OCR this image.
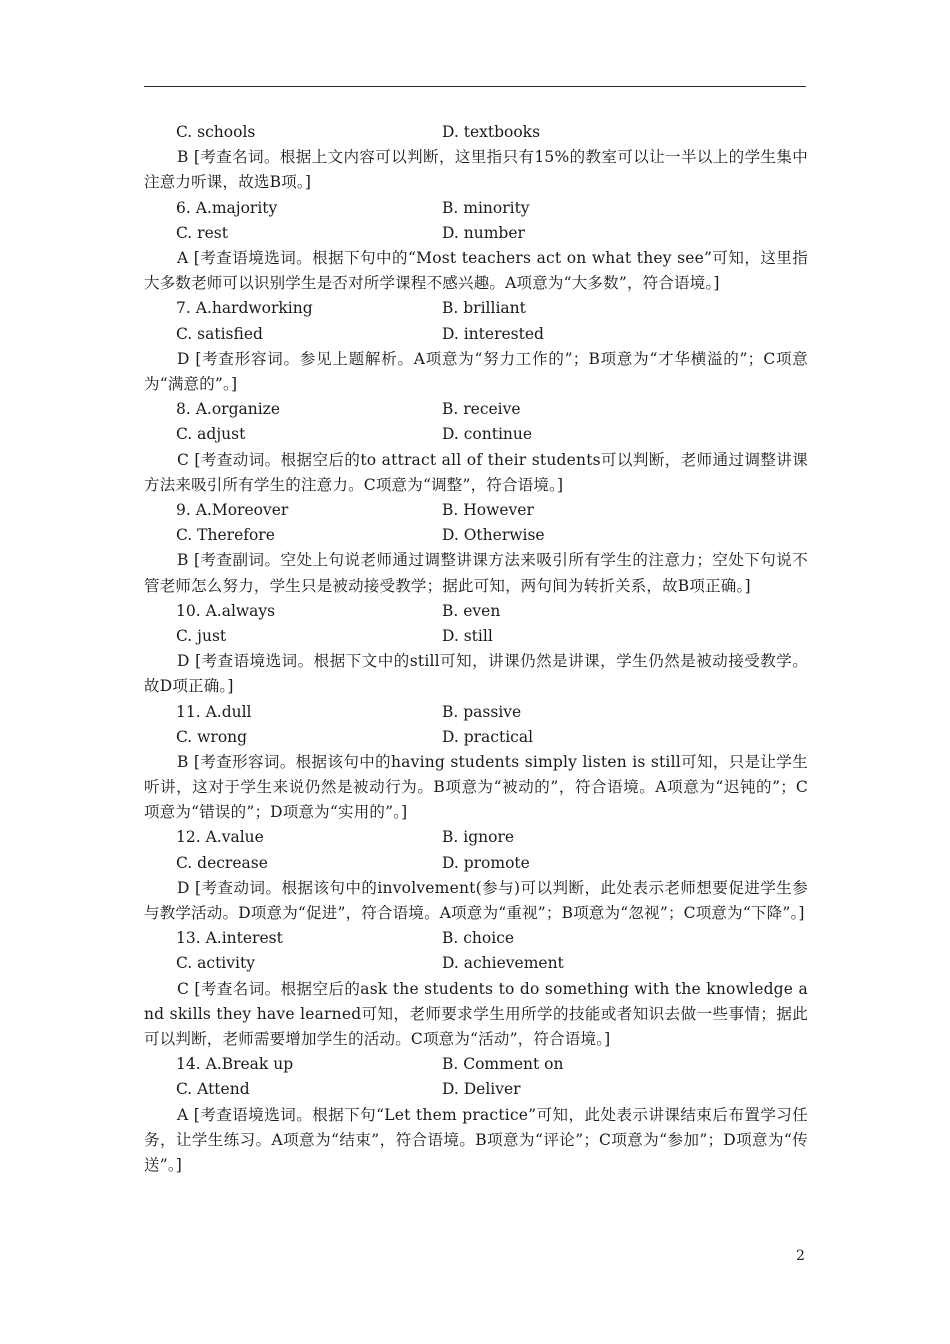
C. schools	D. textbooks
B [考查名词。根据上文内容可以判断，这里指只有15%的教室可以让一半以上的学生集中注意力听课，故选B项。]
6. A.majority	B. minority
C. rest	D. number
A [考查语境选词。根据下句中的“Most teachers act on what they see”可知，这里指大多数老师可以识别学生是否对所学课程不感兴趣。A项意为“大多数”，符合语境。]
7. A.hardworking	B. brilliant
C. satisfied	D. interested
D [考查形容词。参见上题解析。A项意为“努力工作的”；B项意为“才华横溢的”；C项意为“满意的”。]
8. A.organize	B. receive
C. adjust	D. continue
C [考查动词。根据空后的to attract all of their students可以判断，老师通过调整讲课方法来吸引所有学生的注意力。C项意为“调整”，符合语境。]
9. A.Moreover	B. However
C. Therefore	D. Otherwise
B [考查副词。空处上句说老师通过调整讲课方法来吸引所有学生的注意力；空处下句说不管老师怎么努力，学生只是被动接受教学；据此可知，两句间为转折关系，故B项正确。]
10. A.always	B. even
C. just	D. still
D [考查语境选词。根据下文中的still可知，讲课仍然是讲课，学生仍然是被动接受教学。故D项正确。]
11. A.dull	B. passive
C. wrong	D. practical
B [考查形容词。根据该句中的having students simply listen is still可知，只是让学生听讲，这对于学生来说仍然是被动行为。B项意为“被动的”，符合语境。A项意为“迟钝的”；C项意为“错误的”；D项意为“实用的”。]
12. A.value	B. ignore
C. decrease	D. promote
D [考查动词。根据该句中的involvement(参与)可以判断，此处表示老师想要促进学生参与教学活动。D项意为“促进”，符合语境。A项意为“重视”；B项意为“忽视”；C项意为“下降”。]
13. A.interest	B. choice
C. activity	D. achievement
C [考查名词。根据空后的ask the students to do something with the knowledge and skills they have learned可知，老师要求学生用所学的技能或者知识去做一些事情；据此可以判断，老师需要增加学生的活动。C项意为“活动”，符合语境。]
14. A.Break up	B. Comment on
C. Attend	D. Deliver
A [考查语境选词。根据下句“Let them practice”可知，此处表示讲课结束后布置学习任务，让学生练习。A项意为“结束”，符合语境。B项意为“评论”；C项意为“参加”；D项意为“传送”。]
2
